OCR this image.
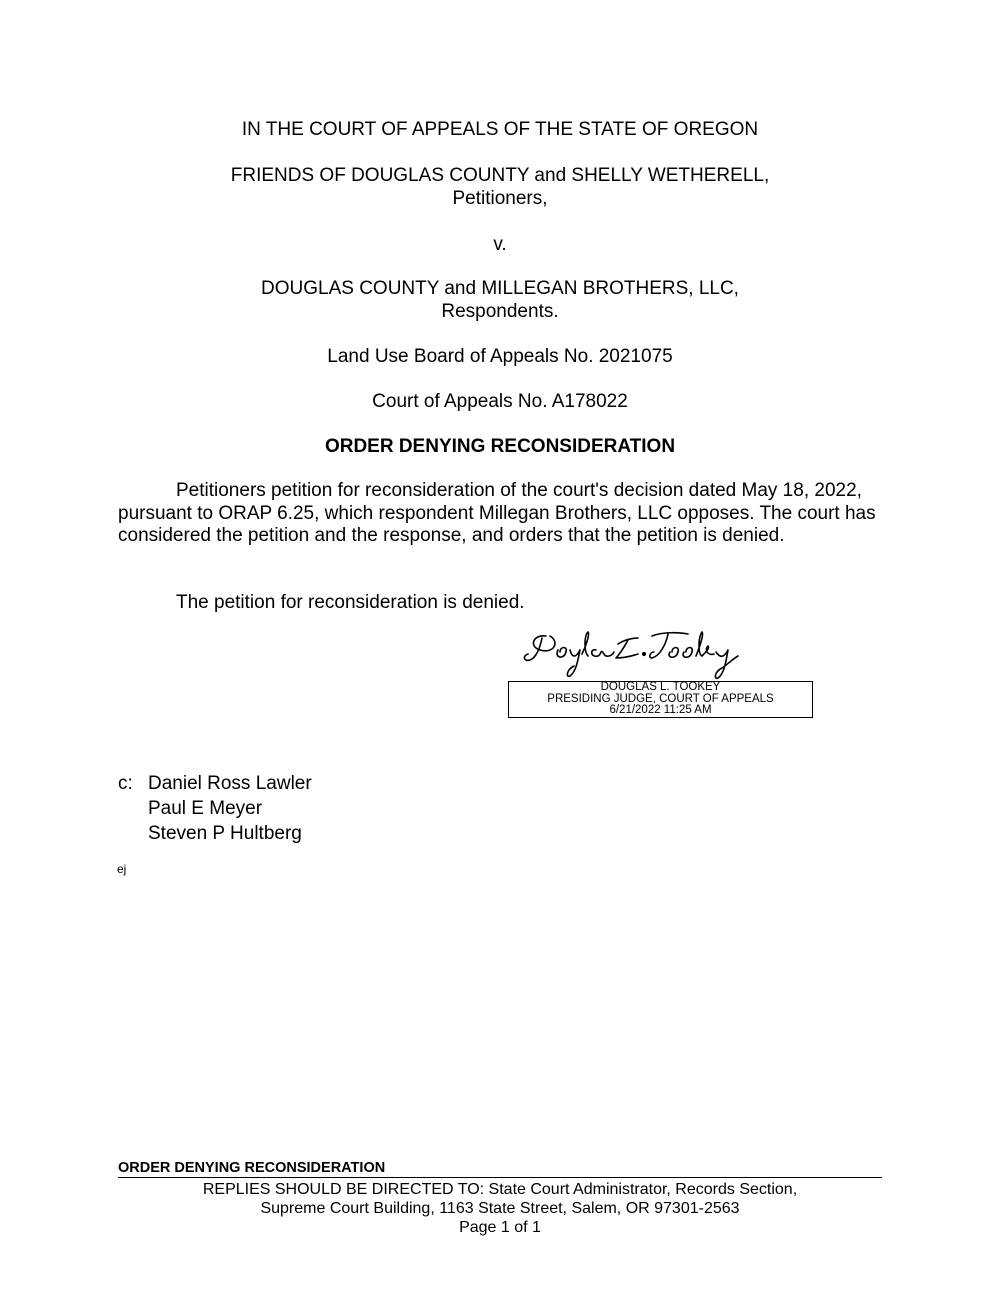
IN THE COURT OF APPEALS OF THE STATE OF OREGON
FRIENDS OF DOUGLAS COUNTY and SHELLY WETHERELL,
Petitioners,
v.
DOUGLAS COUNTY and MILLEGAN BROTHERS, LLC,
Respondents.
Land Use Board of Appeals No. 2021075
Court of Appeals No. A178022
ORDER DENYING RECONSIDERATION

Petitioners petition for reconsideration of the court's decision dated May 18, 2022, pursuant to ORAP 6.25, which respondent Millegan Brothers, LLC opposes. The court has considered the petition and the response, and orders that the petition is denied.

The petition for reconsideration is denied.

DOUGLAS L. TOOKEY
PRESIDING JUDGE, COURT OF APPEALS
6/21/2022 11:25 AM
c: Daniel Ross Lawler
Paul E Meyer
Steven P Hultberg
ej
ORDER DENYING RECONSIDERATION
REPLIES SHOULD BE DIRECTED TO: State Court Administrator, Records Section,
Supreme Court Building, 1163 State Street, Salem, OR 97301-2563
Page 1 of 1
